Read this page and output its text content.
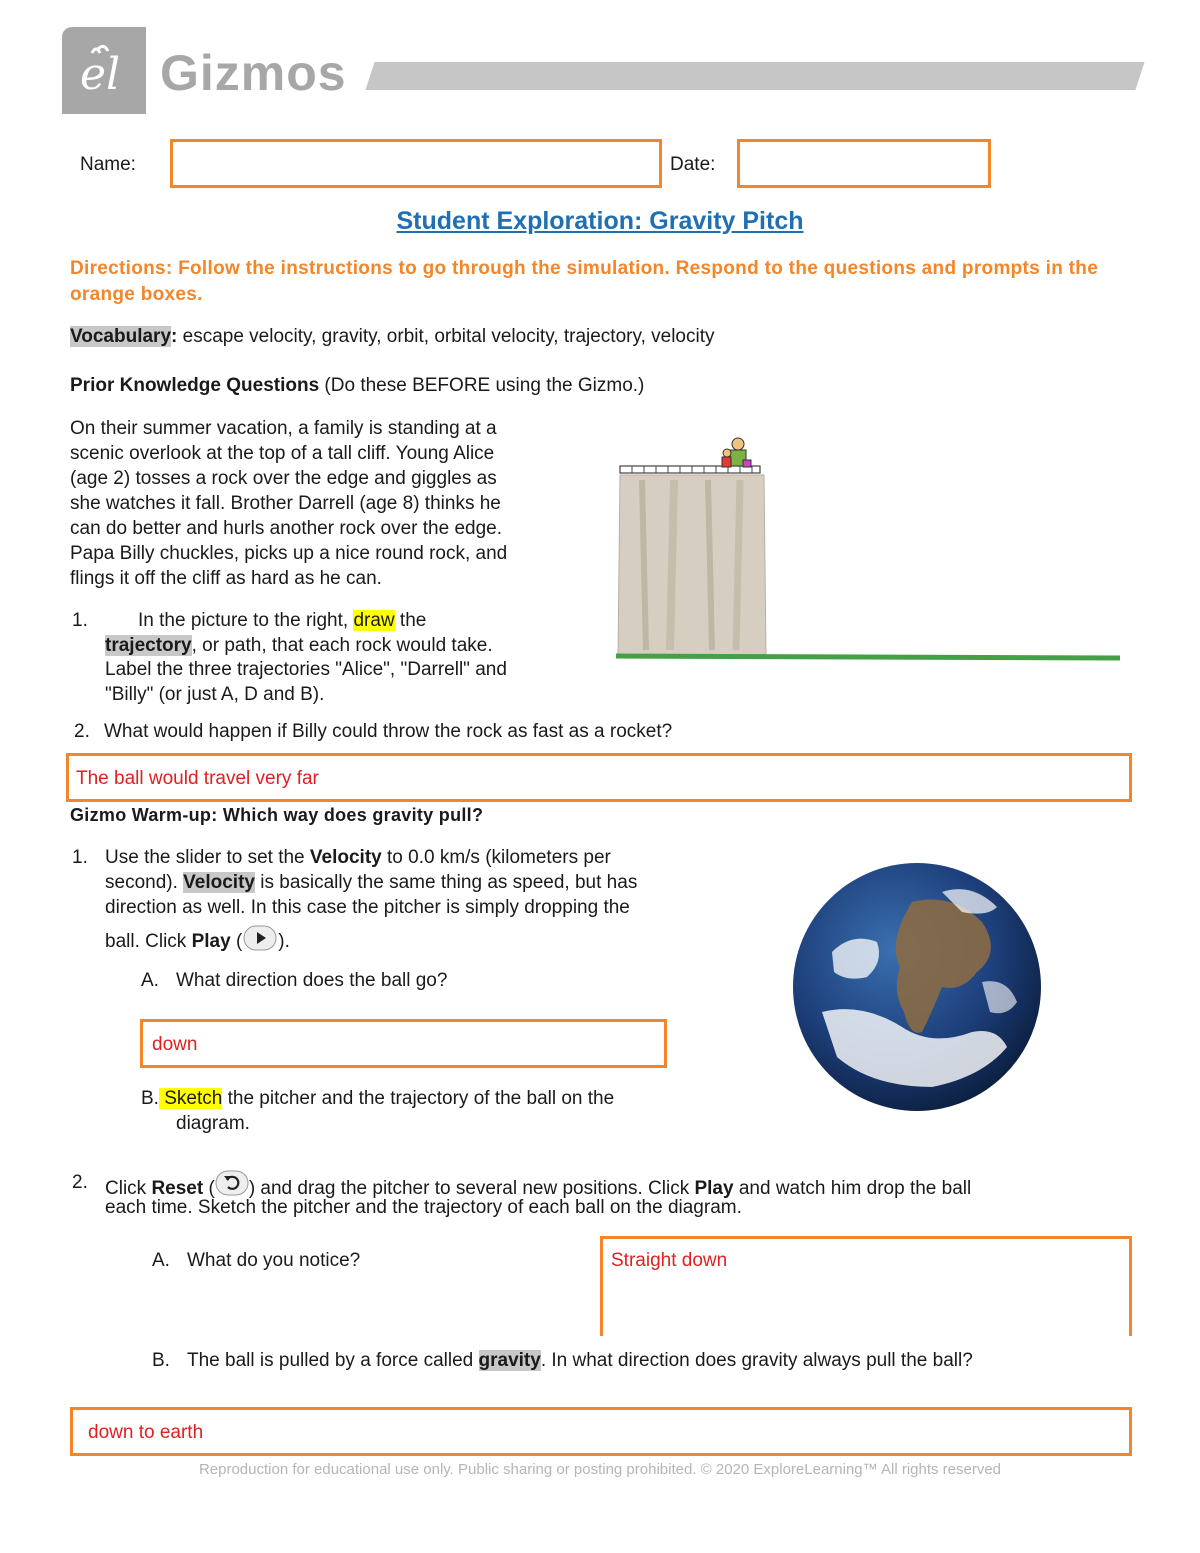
el Gizmos
Name:	Date:
Student Exploration: Gravity Pitch
Directions: Follow the instructions to go through the simulation. Respond to the questions and prompts in the orange boxes.
Vocabulary: escape velocity, gravity, orbit, orbital velocity, trajectory, velocity
Prior Knowledge Questions (Do these BEFORE using the Gizmo.)
On their summer vacation, a family is standing at a
scenic overlook at the top of a tall cliff. Young Alice
(age 2) tosses a rock over the edge and giggles as
she watches it fall. Brother Darrell (age 8) thinks he
can do better and hurls another rock over the edge.
Papa Billy chuckles, picks up a nice round rock, and
flings it off the cliff as hard as he can.
1.	In the picture to the right, draw the
trajectory, or path, that each rock would take.
Label the three trajectories "Alice", "Darrell" and
"Billy" (or just A, D and B).
2. What would happen if Billy could throw the rock as fast as a rocket?
The ball would travel very far
Gizmo Warm-up: Which way does gravity pull?
1. Use the slider to set the Velocity to 0.0 km/s (kilometers per
second). Velocity is basically the same thing as speed, but has
direction as well. In this case the pitcher is simply dropping the
ball. Click Play ( ).
A. What direction does the ball go?
down
B. Sketch the pitcher and the trajectory of the ball on the
diagram.
2. Click Reset ( ) and drag the pitcher to several new positions. Click Play and watch him drop the ball
each time. Sketch the pitcher and the trajectory of each ball on the diagram.
A. What do you notice?	Straight down
B. The ball is pulled by a force called gravity. In what direction does gravity always pull the ball?
down to earth
Reproduction for educational use only. Public sharing or posting prohibited. © 2020 ExploreLearning™ All rights reserved
